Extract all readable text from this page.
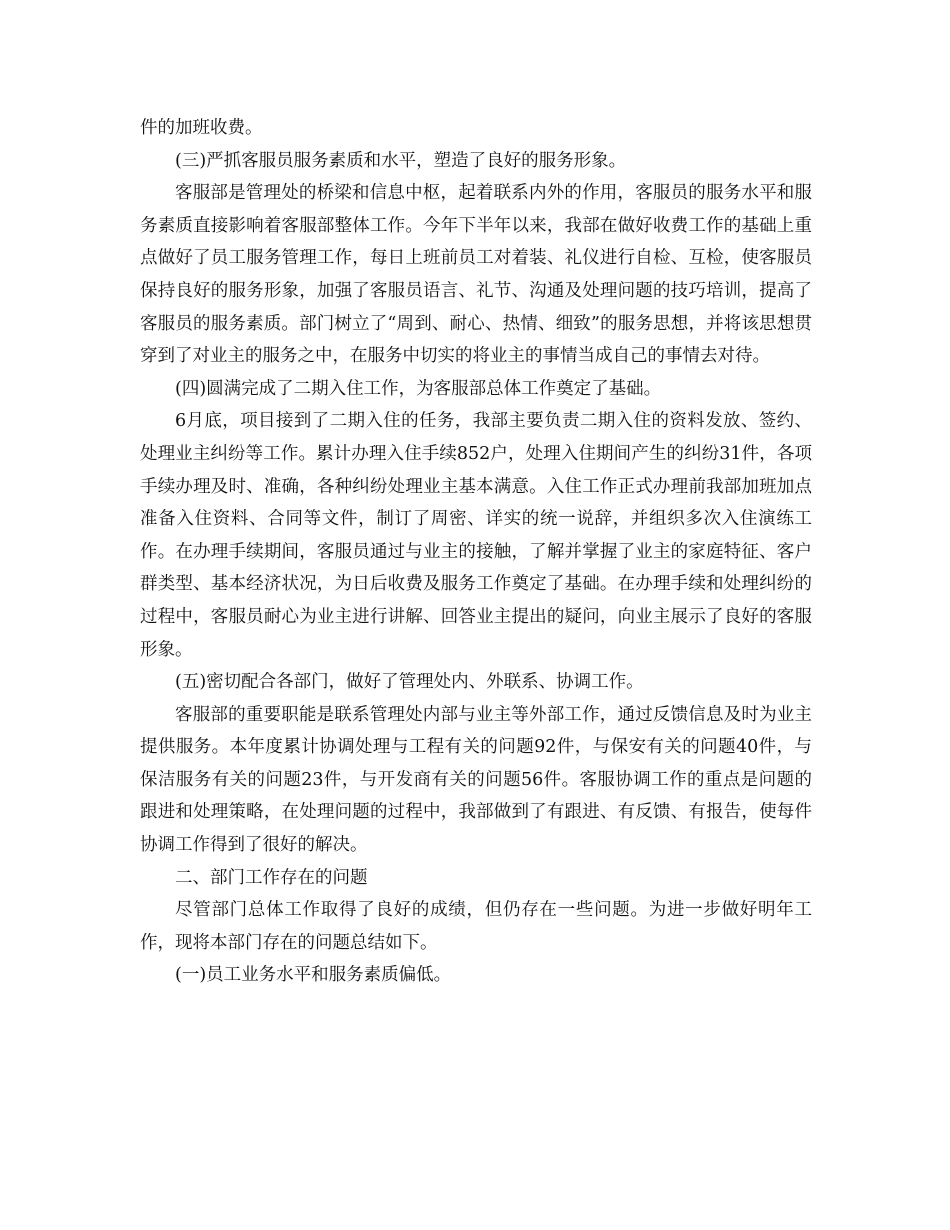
件的加班收费。

(三)严抓客服员服务素质和水平，塑造了良好的服务形象。

客服部是管理处的桥梁和信息中枢，起着联系内外的作用，客服员的服务水平和服务素质直接影响着客服部整体工作。今年下半年以来，我部在做好收费工作的基础上重点做好了员工服务管理工作，每日上班前员工对着装、礼仪进行自检、互检，使客服员保持良好的服务形象，加强了客服员语言、礼节、沟通及处理问题的技巧培训，提高了客服员的服务素质。部门树立了“周到、耐心、热情、细致”的服务思想，并将该思想贯穿到了对业主的服务之中，在服务中切实的将业主的事情当成自己的事情去对待。

(四)圆满完成了二期入住工作，为客服部总体工作奠定了基础。

6月底，项目接到了二期入住的任务，我部主要负责二期入住的资料发放、签约、处理业主纠纷等工作。累计办理入住手续852户，处理入住期间产生的纠纷31件，各项手续办理及时、准确，各种纠纷处理业主基本满意。入住工作正式办理前我部加班加点准备入住资料、合同等文件，制订了周密、详实的统一说辞，并组织多次入住演练工作。在办理手续期间，客服员通过与业主的接触，了解并掌握了业主的家庭特征、客户群类型、基本经济状况，为日后收费及服务工作奠定了基础。在办理手续和处理纠纷的过程中，客服员耐心为业主进行讲解、回答业主提出的疑问，向业主展示了良好的客服形象。

(五)密切配合各部门，做好了管理处内、外联系、协调工作。

客服部的重要职能是联系管理处内部与业主等外部工作，通过反馈信息及时为业主提供服务。本年度累计协调处理与工程有关的问题92件，与保安有关的问题40件，与保洁服务有关的问题23件，与开发商有关的问题56件。客服协调工作的重点是问题的跟进和处理策略，在处理问题的过程中，我部做到了有跟进、有反馈、有报告，使每件协调工作得到了很好的解决。

二、部门工作存在的问题

尽管部门总体工作取得了良好的成绩，但仍存在一些问题。为进一步做好明年工作，现将本部门存在的问题总结如下。

(一)员工业务水平和服务素质偏低。
